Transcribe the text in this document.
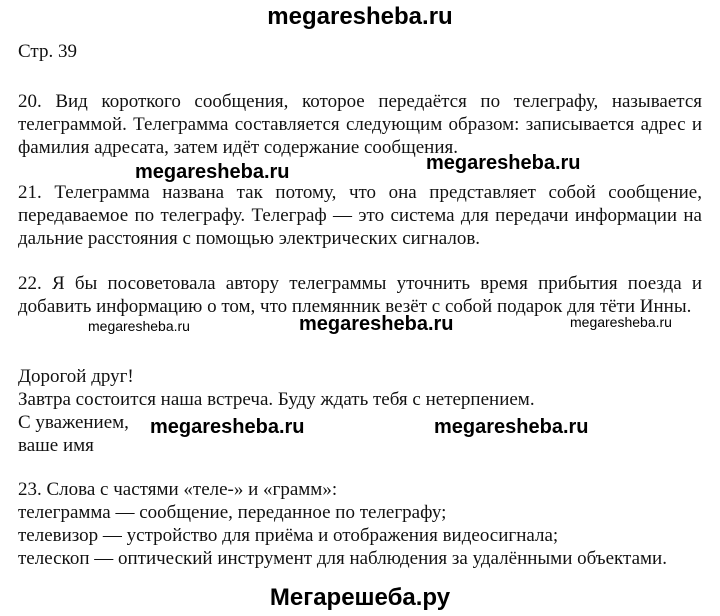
megaresheba.ru
Стр. 39

20. Вид короткого сообщения, которое передаётся по телеграфу, называется телеграммой. Телеграмма составляется следующим образом: записывается адрес и фамилия адресата, затем идёт содержание сообщения.

megaresheba.ru	megaresheba.ru

21. Телеграмма названа так потому, что она представляет собой сообщение, передаваемое по телеграфу. Телеграф — это система для передачи информации на дальние расстояния с помощью электрических сигналов.

22. Я бы посоветовала автору телеграммы уточнить время прибытия поезда и добавить информацию о том, что племянник везёт с собой подарок для тёти Инны.

megaresheba.ru	megaresheba.ru	megaresheba.ru
Дорогой друг!
Завтра состоится наша встреча. Буду ждать тебя с нетерпением.
С уважением,
ваше имя
megaresheba.ru	megaresheba.ru
23. Слова с частями «теле-» и «грамм»:
телеграмма — сообщение, переданное по телеграфу;
телевизор — устройство для приёма и отображения видеосигнала;
телескоп — оптический инструмент для наблюдения за удалёнными объектами.
Мегарешеба.ру
